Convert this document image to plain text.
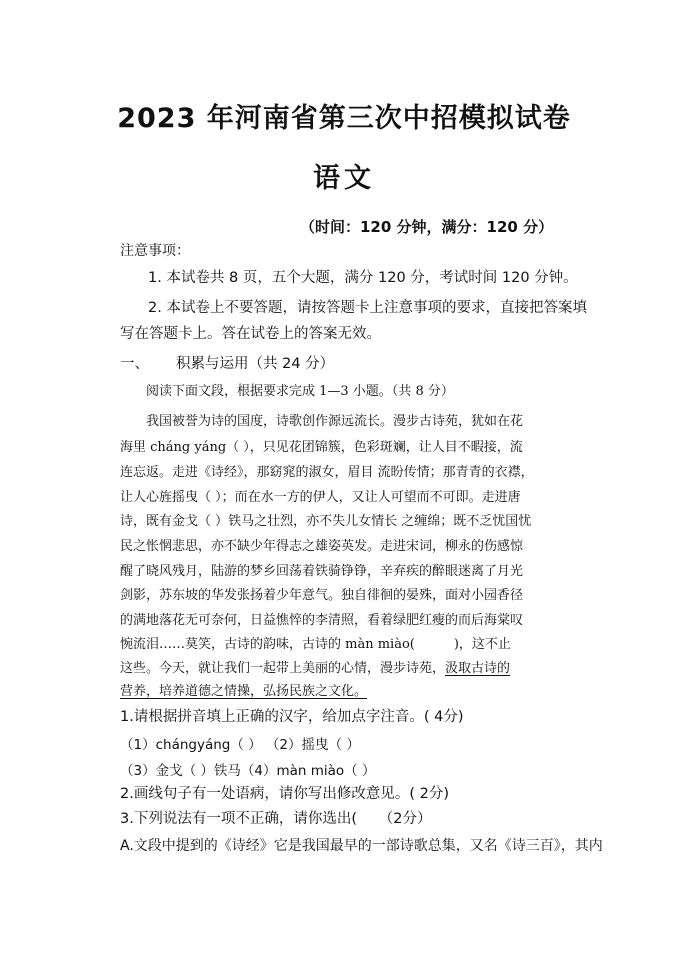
2023 年河南省第三次中招模拟试卷
语文
（时间：120 分钟，满分：120 分）
注意事项：
1. 本试卷共 8 页，五个大题，满分 120 分，考试时间 120 分钟。
2. 本试卷上不要答题，请按答题卡上注意事项的要求，直接把答案填
写在答题卡上。答在试卷上的答案无效。
一、 积累与运用（共 24 分）
阅读下面文段，根据要求完成 1—3 小题。（共 8 分）
我国被誉为诗的国度，诗歌创作源远流长。漫步古诗苑，犹如在花
海里 cháng yáng（ ），只见花团锦簇，色彩斑斓，让人目不暇接，流
连忘返。走进《诗经》，那窈窕的淑女，眉目 流盼传情；那青青的衣襟，
让人心旌摇曳（ ）；而在水一方的伊人，又让人可望而不可即。走进唐
诗，既有金戈（ ）铁马之壮烈，亦不失儿女情长 之缠绵；既不乏忧国忧
民之怅惘悲思，亦不缺少年得志之雄姿英发。走进宋词，柳永的伤感惊
醒了晓风残月，陆游的梦乡回荡着铁骑铮铮，辛弃疾的醉眼迷离了月光
剑影，苏东坡的华发张扬着少年意气。独自徘徊的晏殊，面对小园香径
的满地落花无可奈何，日益憔悴的李清照，看着绿肥红瘦的而后海棠叹
惋流泪……莫笑，古诗的韵味，古诗的 màn miào(　　　)，这不止
这些。今天，就让我们一起带上美丽的心情，漫步诗苑，汲取古诗的
营养，培养道德之情操，弘扬民族之文化。
1.请根据拼音填上正确的汉字，给加点字注音。( 4分)
（1）chángyáng（ ） （2）摇曳（ ）
（3）金戈（ ）铁马（4）màn miào（ ）
2.画线句子有一处语病，请你写出修改意见。( 2分)
3.下列说法有一项不正确，请你选出(　　（2分）
A.文段中提到的《诗经》它是我国最早的一部诗歌总集，又名《诗三百》，其内
